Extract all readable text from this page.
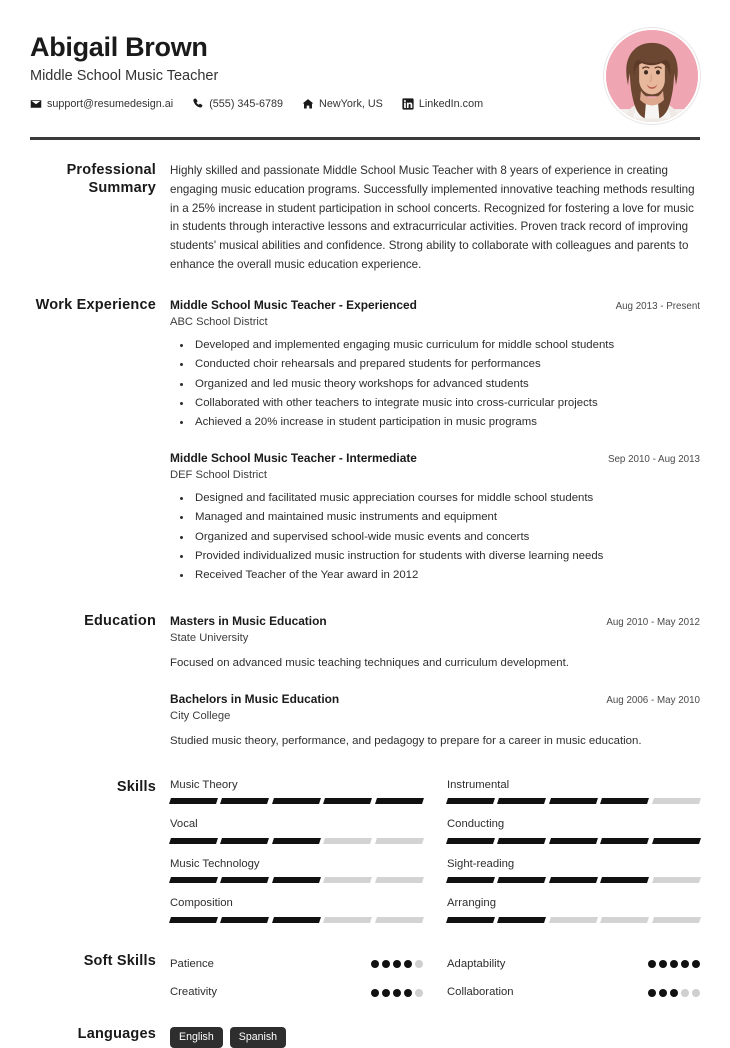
Abigail Brown
Middle School Music Teacher
support@resumedesign.ai	(555) 345-6789	NewYork, US	LinkedIn.com
Professional Summary
Highly skilled and passionate Middle School Music Teacher with 8 years of experience in creating engaging music education programs. Successfully implemented innovative teaching methods resulting in a 25% increase in student participation in school concerts. Recognized for fostering a love for music in students through interactive lessons and extracurricular activities. Proven track record of improving students' musical abilities and confidence. Strong ability to collaborate with colleagues and parents to enhance the overall music education experience.
Work Experience	Middle School Music Teacher - Experienced	Aug 2013 - Present
ABC School District
• Developed and implemented engaging music curriculum for middle school students
• Conducted choir rehearsals and prepared students for performances
• Organized and led music theory workshops for advanced students
• Collaborated with other teachers to integrate music into cross-curricular projects
• Achieved a 20% increase in student participation in music programs
Middle School Music Teacher - Intermediate	Sep 2010 - Aug 2013
DEF School District
• Designed and facilitated music appreciation courses for middle school students
• Managed and maintained music instruments and equipment
• Organized and supervised school-wide music events and concerts
• Provided individualized music instruction for students with diverse learning needs
• Received Teacher of the Year award in 2012
Education	Masters in Music Education	Aug 2010 - May 2012
State University
Focused on advanced music teaching techniques and curriculum development.
Bachelors in Music Education	Aug 2006 - May 2010
City College
Studied music theory, performance, and pedagogy to prepare for a career in music education.
Skills	Music Theory	Instrumental
Vocal	Conducting
Music Technology	Sight-reading
Composition	Arranging
Soft Skills	Patience	Adaptability
Creativity	Collaboration
Languages	English	Spanish
